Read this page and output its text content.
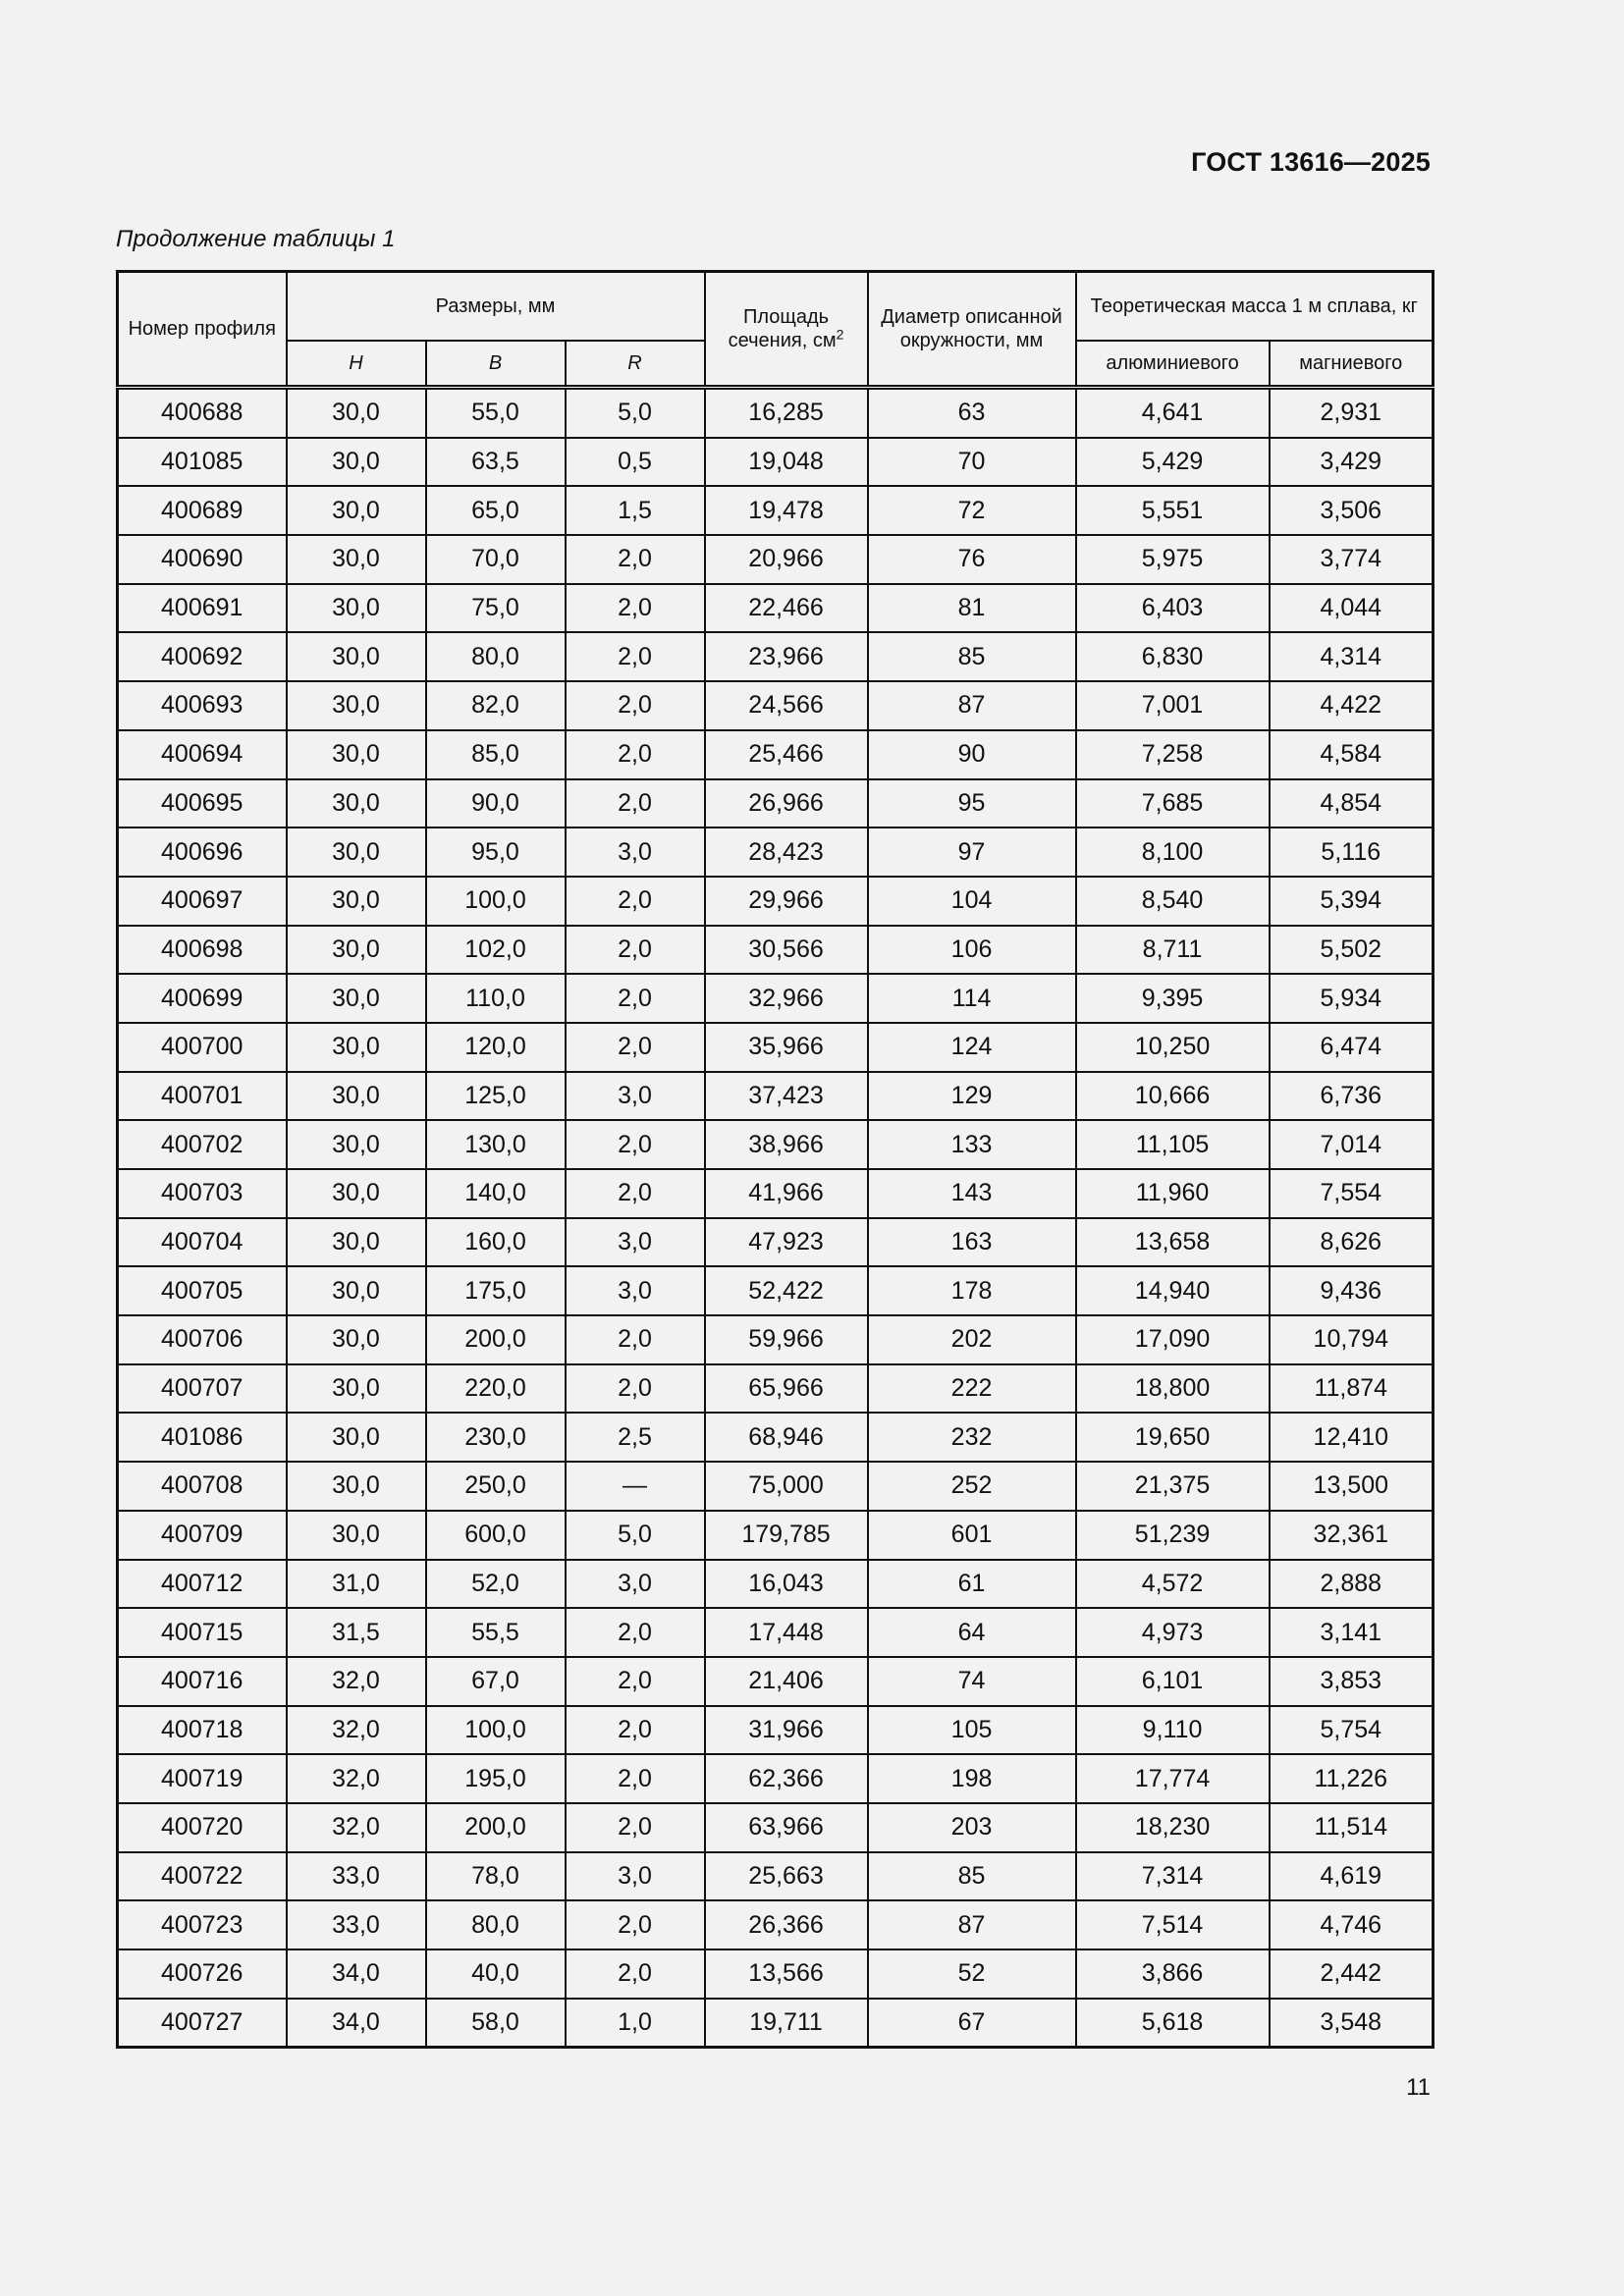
ГОСТ 13616—2025
Продолжение таблицы 1
Номер профиля	Размеры, мм			Площадь сечения, $см^2$	Диаметр описанной окружности, мм	Теоретическая масса 1 м сплава, кг	
	H	B	R			алюминиевого	магниевого
400688	30,0	55,0	5,0	16,285	63	4,641	2,931
401085	30,0	63,5	0,5	19,048	70	5,429	3,429
400689	30,0	65,0	1,5	19,478	72	5,551	3,506
400690	30,0	70,0	2,0	20,966	76	5,975	3,774
400691	30,0	75,0	2,0	22,466	81	6,403	4,044
400692	30,0	80,0	2,0	23,966	85	6,830	4,314
400693	30,0	82,0	2,0	24,566	87	7,001	4,422
400694	30,0	85,0	2,0	25,466	90	7,258	4,584
400695	30,0	90,0	2,0	26,966	95	7,685	4,854
400696	30,0	95,0	3,0	28,423	97	8,100	5,116
400697	30,0	100,0	2,0	29,966	104	8,540	5,394
400698	30,0	102,0	2,0	30,566	106	8,711	5,502
400699	30,0	110,0	2,0	32,966	114	9,395	5,934
400700	30,0	120,0	2,0	35,966	124	10,250	6,474
400701	30,0	125,0	3,0	37,423	129	10,666	6,736
400702	30,0	130,0	2,0	38,966	133	11,105	7,014
400703	30,0	140,0	2,0	41,966	143	11,960	7,554
400704	30,0	160,0	3,0	47,923	163	13,658	8,626
400705	30,0	175,0	3,0	52,422	178	14,940	9,436
400706	30,0	200,0	2,0	59,966	202	17,090	10,794
400707	30,0	220,0	2,0	65,966	222	18,800	11,874
401086	30,0	230,0	2,5	68,946	232	19,650	12,410
400708	30,0	250,0	—	75,000	252	21,375	13,500
400709	30,0	600,0	5,0	179,785	601	51,239	32,361
400712	31,0	52,0	3,0	16,043	61	4,572	2,888
400715	31,5	55,5	2,0	17,448	64	4,973	3,141
400716	32,0	67,0	2,0	21,406	74	6,101	3,853
400718	32,0	100,0	2,0	31,966	105	9,110	5,754
400719	32,0	195,0	2,0	62,366	198	17,774	11,226
400720	32,0	200,0	2,0	63,966	203	18,230	11,514
400722	33,0	78,0	3,0	25,663	85	7,314	4,619
400723	33,0	80,0	2,0	26,366	87	7,514	4,746
400726	34,0	40,0	2,0	13,566	52	3,866	2,442
400727	34,0	58,0	1,0	19,711	67	5,618	3,548
11
